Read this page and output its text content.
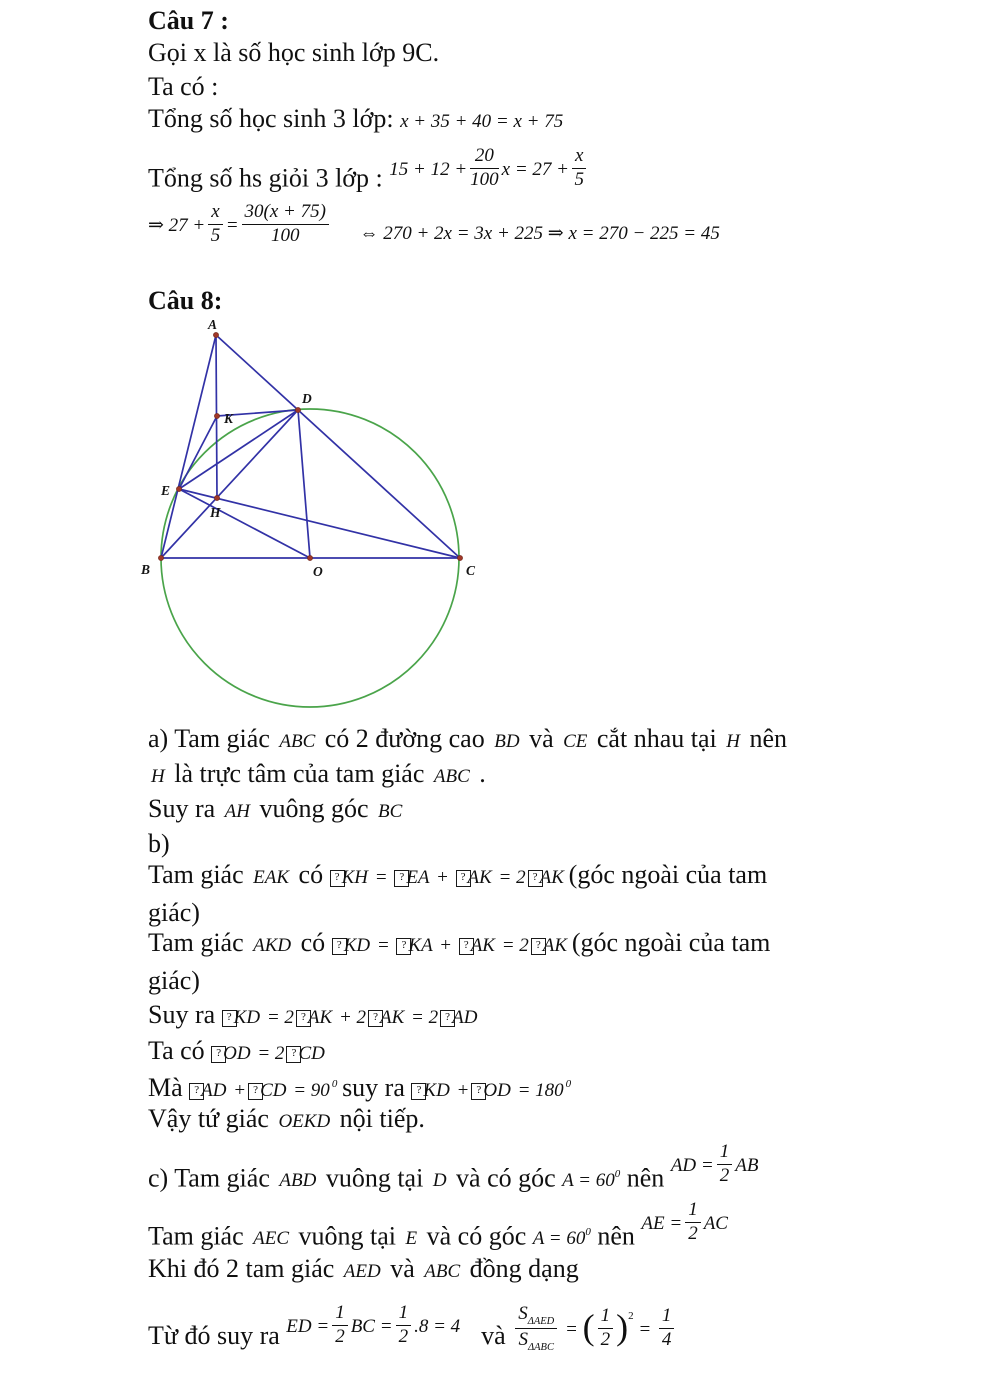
Câu 7 :
Gọi x là số học sinh lớp 9C.
Ta có :
Tổng số học sinh 3 lớp: x + 35 + 40 = x + 75
Tổng số hs giỏi 3 lớp : $15 + 12 + \frac{20}{100}$ $x = 27 + \frac{x}{5}$
⇒ $27 + \frac{x}{5} = \frac{30(x + 75)}{100}$ ⇔ 270 + 2x = 3x + 225 ⇒ x = 270 − 225 = 45
Câu 8:
A
B	C
O
D
E
H
K
a) Tam giác ABC có 2 đường cao BD và CE cắt nhau tại H nên
H là trực tâm của tam giác ABC .
Suy ra AH vuông góc BC
b)
Tam giác EAK có ? KH = ? EA + ? AK = 2 ? AK (góc ngoài của tam
giác)
Tam giác AKD có ? KD = ? KA + ? AK = 2 ? AK (góc ngoài của tam
giác)
Suy ra ? KD = 2 ? AK + 2 ? AK = 2 ? AD
Ta có ? OD = 2 ? CD
Mà ? AD + ? CD = 90 $^0$ suy ra ? KD + ? OD = 180 $^0$
Vậy tứ giác OEKD nội tiếp.
c) Tam giác ABD vuông tại D và có góc $A = 60^0$ nên AD = $\frac{1}{2}$ AB
Tam giác AEC vuông tại E và có góc $A = 60^0$ nên AE = $\frac{1}{2}$ AC
Khi đó 2 tam giác AED và ABC đồng dạng
Từ đó suy ra ED = $\frac{1}{2}$ BC = $\frac{1}{2} .8 = 4$ và $\frac{S_{\Delta AED}}{S_{\Delta ABC}}$ = ( $\frac{1}{2} )^2 = \frac{1}{4}$
